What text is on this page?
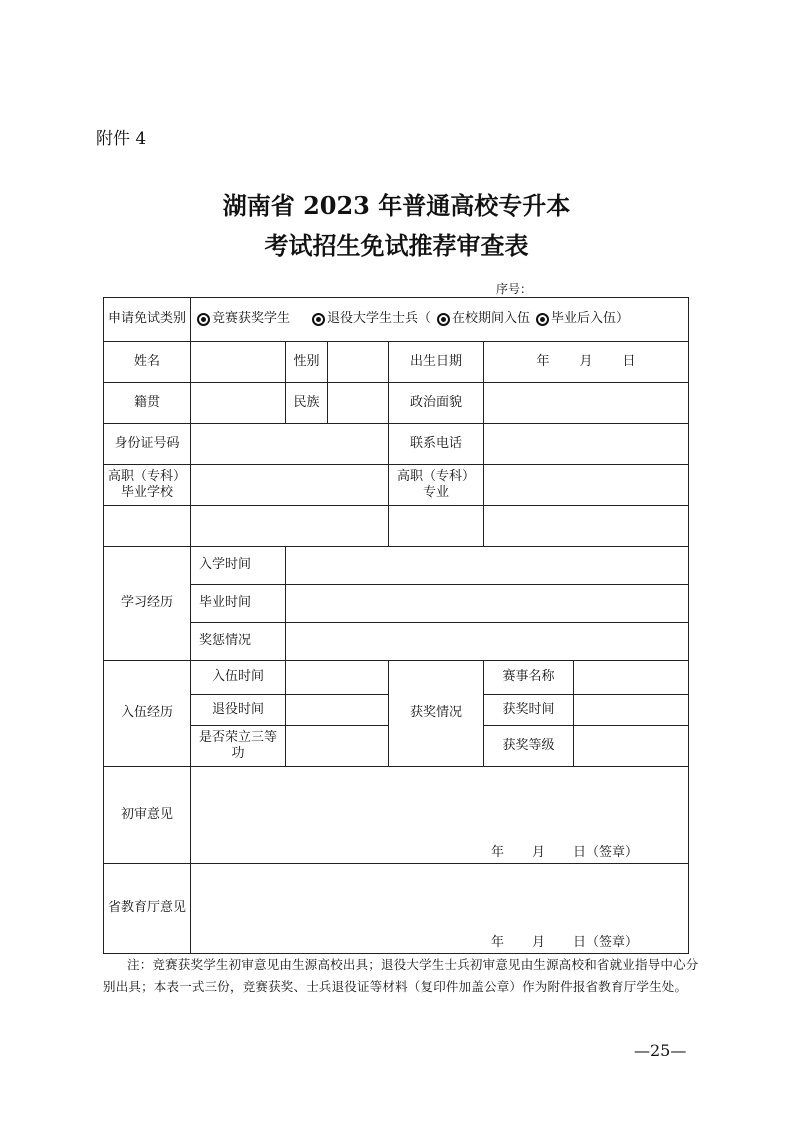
附件 4
湖南省 2023 年普通高校专升本
考试招生免试推荐审查表
序号：
申请免试类别	竞赛获奖学生 退役大学生士兵（ 在校期间入伍 毕业后入伍）					

姓名		性别		出生日期	年 月 日	

籍贯		民族		政治面貌		
身份证号码				联系电话		
高职（专科）毕业学校				高职（专科）专业		

学习经历	入学时间					
	毕业时间					
	奖惩情况					
入伍经历	入伍时间			获奖情况	赛事名称	
	退役时间				获奖时间	
	是否荣立三等功				获奖等级	
初审意见	年 月 日（签章）					

省教育厅意见	年 月 日（签章）					
注：竞赛获奖学生初审意见由生源高校出具；退役大学生士兵初审意见由生源高校和省就业指导中心分别出具；本表一式三份，竞赛获奖、士兵退役证等材料（复印件加盖公章）作为附件报省教育厅学生处。
—25—
